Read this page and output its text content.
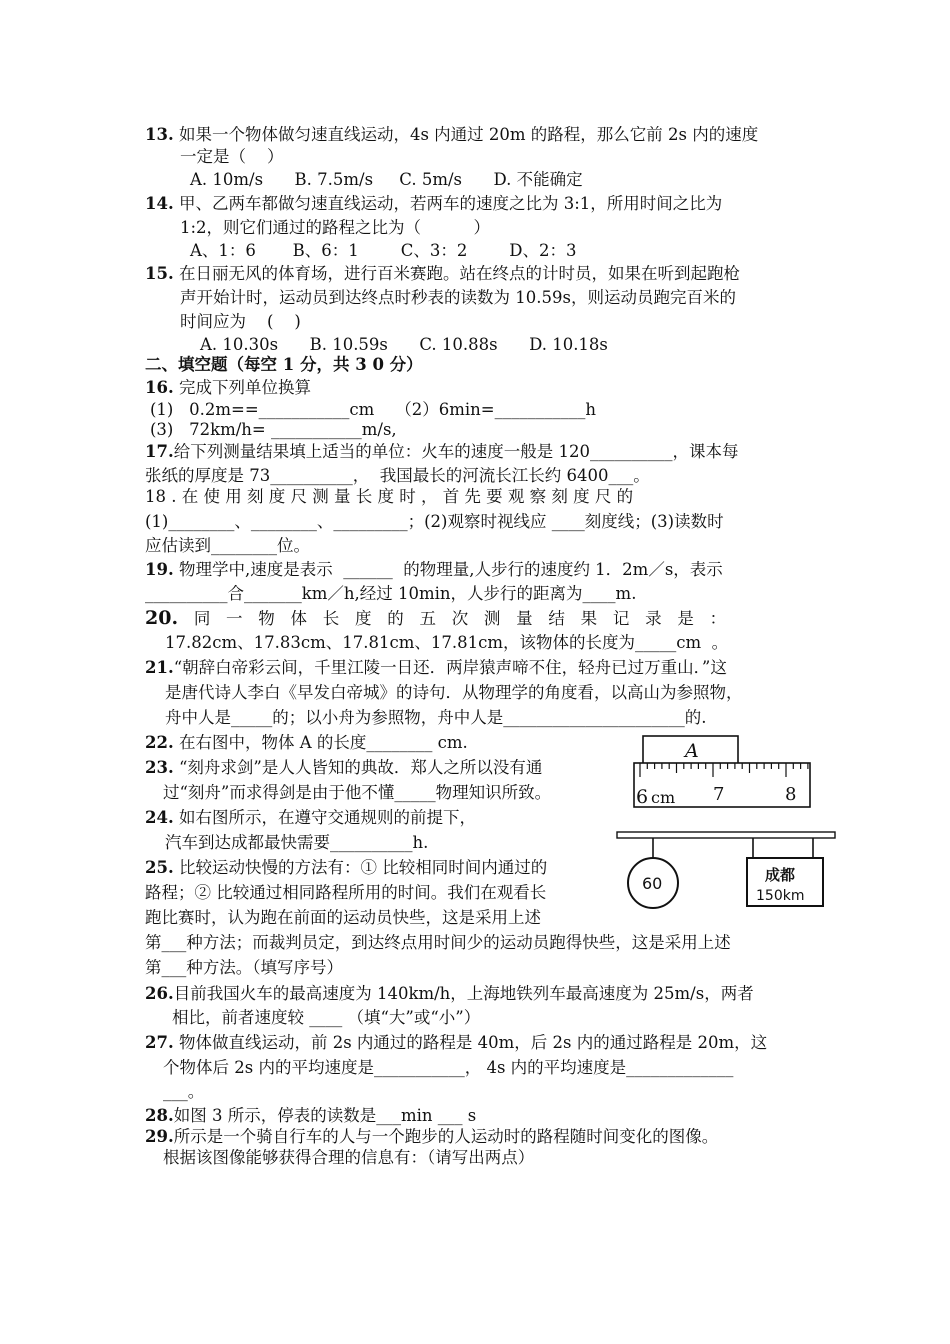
13. 如果一个物体做匀速直线运动，4s 内通过 20m 的路程，那么它前 2s 内的速度
一定是（    ）
A. 10m/s      B. 7.5m/s     C. 5m/s      D. 不能确定
14. 甲、乙两车都做匀速直线运动，若两车的速度之比为 3:1，所用时间之比为
1:2，则它们通过的路程之比为（          ）
A、1：6       B、6：1        C、3：2        D、2：3
15. 在日丽无风的体育场，进行百米赛跑。站在终点的计时员，如果在听到起跑枪
声开始计时，运动员到达终点时秒表的读数为 10.59s，则运动员跑完百米的
时间应为    (    )
A. 10.30s      B. 10.59s      C. 10.88s      D. 10.18s
二、填空题（每空 1 分，共 3 0 分）
16. 完成下列单位换算
(1)   0.2m==___________cm    （2）6min=___________h
(3)   72km/h= ___________m/s,
17.给下列测量结果填上适当的单位：火车的速度一般是 120__________，课本每
张纸的厚度是 73__________，  我国最长的河流长江长约 6400___。
18 . 在 使 用 刻 度 尺 测 量 长 度 时 ， 首 先 要 观 察 刻 度 尺 的
(1)________、________、_________；(2)观察时视线应 ____刻度线；(3)读数时
应估读到________位。
19. 物理学中,速度是表示  ______  的物理量,人步行的速度约 1．2m／s，表示
__________合_______km／h,经过 10min，人步行的距离为____m.
20. 同   一   物   体   长   度   的   五   次   测   量   结   果   记   录   是   ：
17.82cm、17.83cm、17.81cm、17.81cm，该物体的长度为_____cm  。
21.“朝辞白帝彩云间，千里江陵一日还．两岸猿声啼不住，轻舟已过万重山．”这
是唐代诗人李白《早发白帝城》的诗句．从物理学的角度看，以高山为参照物，
舟中人是_____的；以小舟为参照物，舟中人是______________________的.
22. 在右图中，物体 A 的长度________ cm.
23. “刻舟求剑”是人人皆知的典故．郑人之所以没有通
过“刻舟”而求得剑是由于他不懂_____物理知识所致。
24. 如右图所示，在遵守交通规则的前提下，
汽车到达成都最快需要__________h.
25. 比较运动快慢的方法有：① 比较相同时间内通过的
路程；② 比较通过相同路程所用的时间。我们在观看长
跑比赛时，认为跑在前面的运动员快些，这是采用上述
第___种方法；而裁判员定，到达终点用时间少的运动员跑得快些，这是采用上述
第___种方法。（填写序号）
26.目前我国火车的最高速度为 140km/h，上海地铁列车最高速度为 25m/s，两者
相比，前者速度较 ____ （填“大”或“小”）
27. 物体做直线运动，前 2s 内通过的路程是 40m，后 2s 内的通过路程是 20m，这
个物体后 2s 内的平均速度是___________， 4s 内的平均速度是_____________
___。
28.如图 3 所示，停表的读数是___min ___ s
29.所示是一个骑自行车的人与一个跑步的人运动时的路程随时间变化的图像。
根据该图像能够获得合理的信息有：（请写出两点）
A
6 cm 7	8
60	成都
150km
